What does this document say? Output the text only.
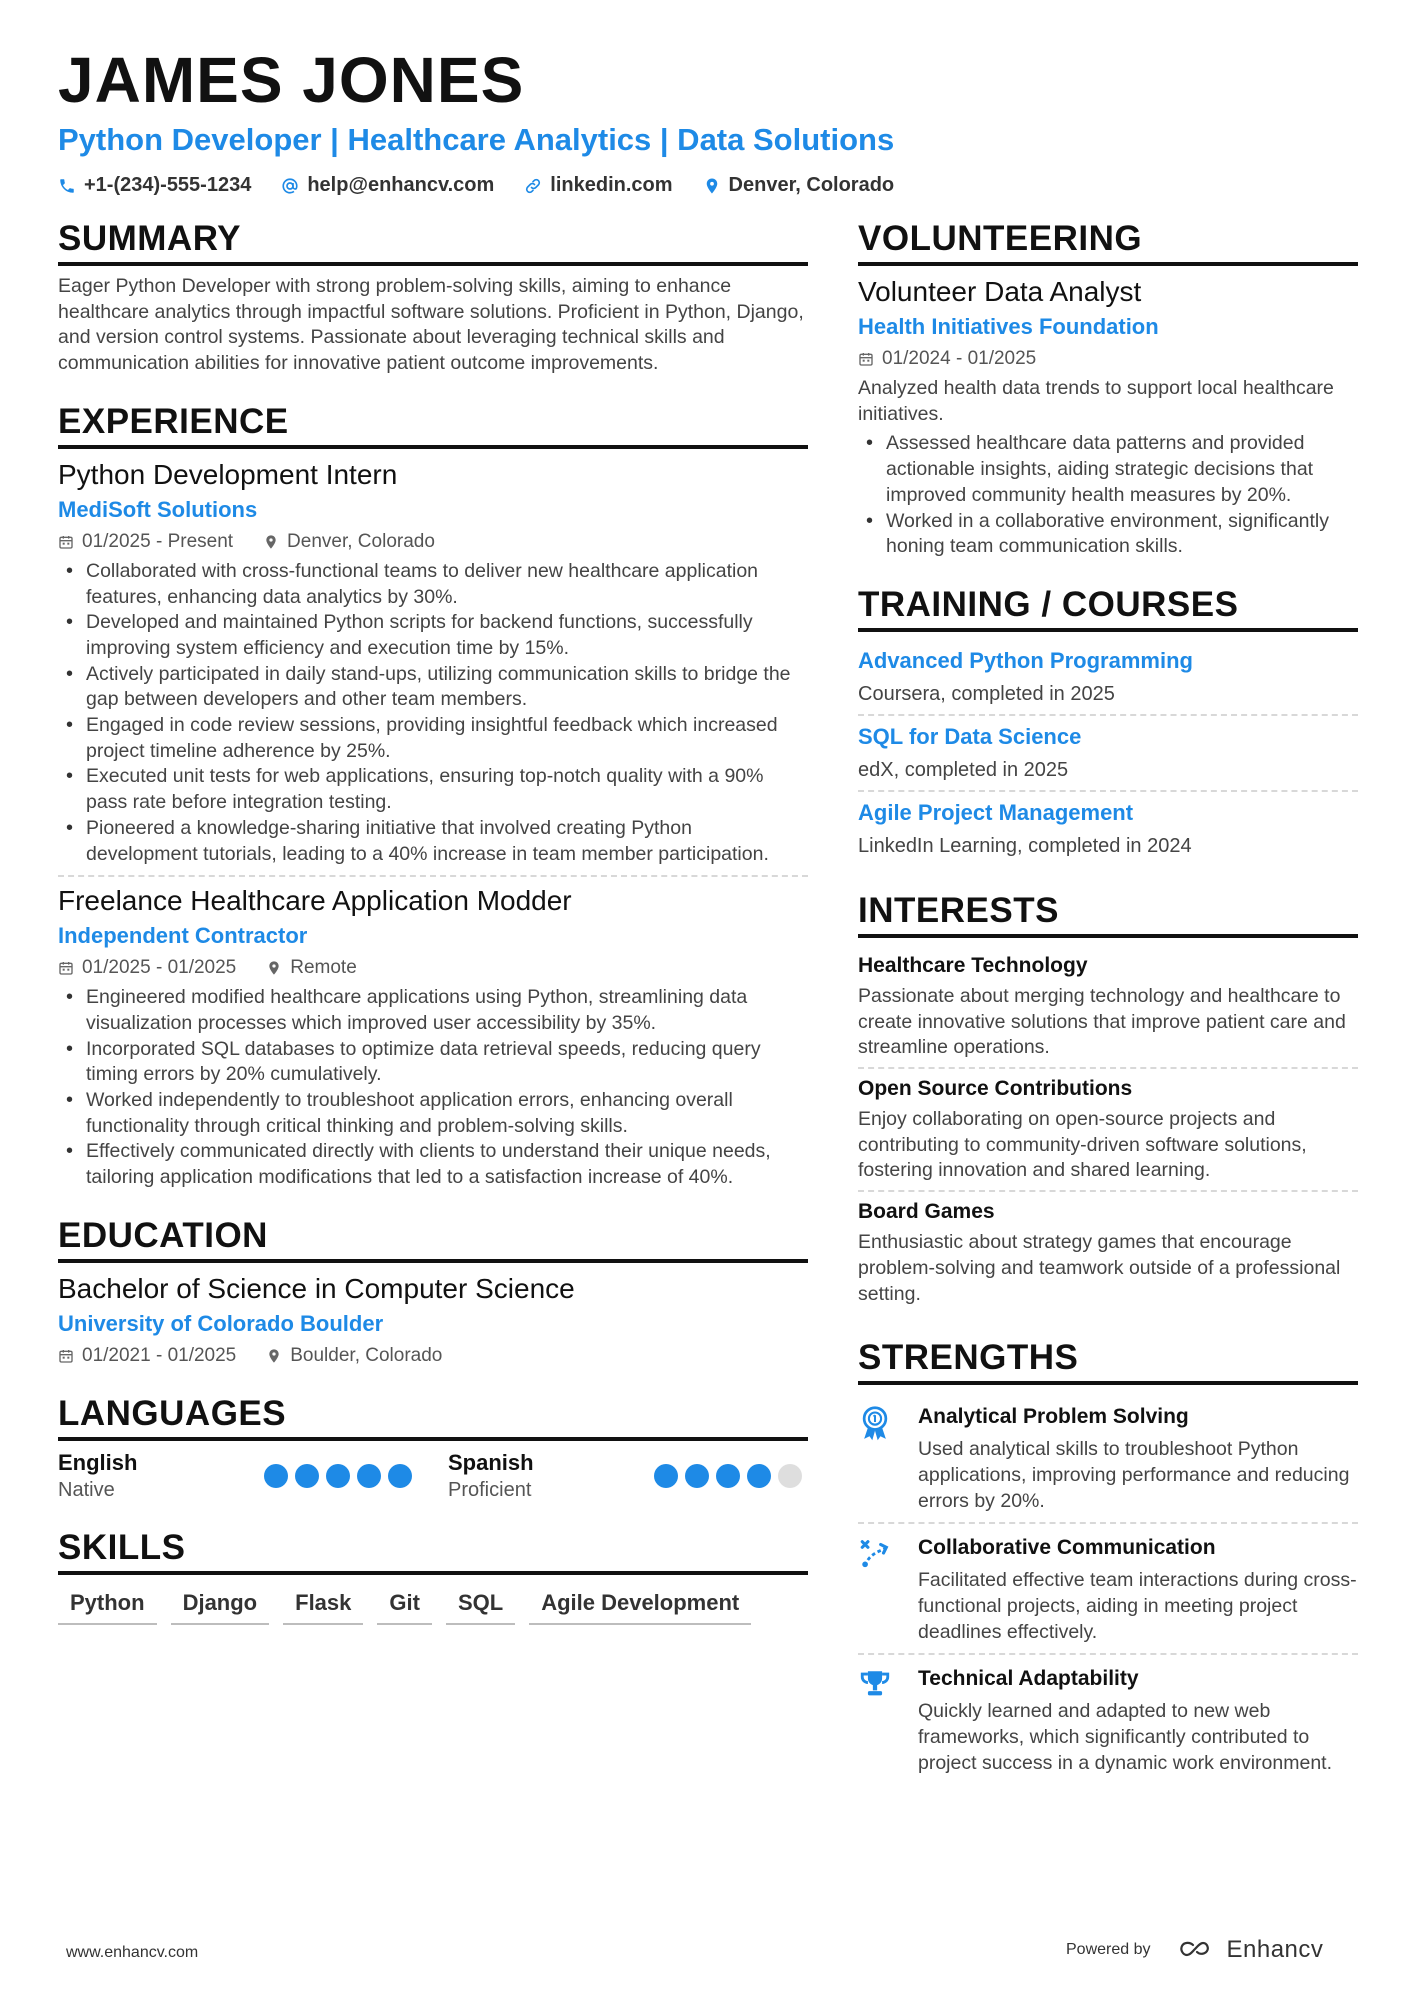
JAMES JONES
Python Developer | Healthcare Analytics | Data Solutions
+1-(234)-555-1234	help@enhancv.com	linkedin.com	Denver, Colorado
SUMMARY
Eager Python Developer with strong problem-solving skills, aiming to enhance healthcare analytics through impactful software solutions. Proficient in Python, Django, and version control systems. Passionate about leveraging technical skills and communication abilities for innovative patient outcome improvements.
EXPERIENCE
Python Development Intern
MediSoft Solutions
01/2025 - Present	Denver, Colorado
• Collaborated with cross-functional teams to deliver new healthcare application features, enhancing data analytics by 30%.
• Developed and maintained Python scripts for backend functions, successfully improving system efficiency and execution time by 15%.
• Actively participated in daily stand-ups, utilizing communication skills to bridge the gap between developers and other team members.
• Engaged in code review sessions, providing insightful feedback which increased project timeline adherence by 25%.
• Executed unit tests for web applications, ensuring top-notch quality with a 90% pass rate before integration testing.
• Pioneered a knowledge-sharing initiative that involved creating Python development tutorials, leading to a 40% increase in team member participation.
Freelance Healthcare Application Modder
Independent Contractor
01/2025 - 01/2025	Remote
• Engineered modified healthcare applications using Python, streamlining data visualization processes which improved user accessibility by 35%.
• Incorporated SQL databases to optimize data retrieval speeds, reducing query timing errors by 20% cumulatively.
• Worked independently to troubleshoot application errors, enhancing overall functionality through critical thinking and problem-solving skills.
• Effectively communicated directly with clients to understand their unique needs, tailoring application modifications that led to a satisfaction increase of 40%.
EDUCATION
Bachelor of Science in Computer Science
University of Colorado Boulder
01/2021 - 01/2025	Boulder, Colorado
LANGUAGES
English
Native
Spanish
Proficient
SKILLS
Python	Django	Flask	Git	SQL	Agile Development
VOLUNTEERING
Volunteer Data Analyst
Health Initiatives Foundation
01/2024 - 01/2025
Analyzed health data trends to support local healthcare initiatives.
• Assessed healthcare data patterns and provided actionable insights, aiding strategic decisions that improved community health measures by 20%.
• Worked in a collaborative environment, significantly honing team communication skills.
TRAINING / COURSES
Advanced Python Programming
Coursera, completed in 2025
SQL for Data Science
edX, completed in 2025
Agile Project Management
LinkedIn Learning, completed in 2024
INTERESTS
Healthcare Technology
Passionate about merging technology and healthcare to create innovative solutions that improve patient care and streamline operations.
Open Source Contributions
Enjoy collaborating on open-source projects and contributing to community-driven software solutions, fostering innovation and shared learning.
Board Games
Enthusiastic about strategy games that encourage problem-solving and teamwork outside of a professional setting.
STRENGTHS
Analytical Problem Solving
Used analytical skills to troubleshoot Python applications, improving performance and reducing errors by 20%.
Collaborative Communication
Facilitated effective team interactions during cross-functional projects, aiding in meeting project deadlines effectively.
Technical Adaptability
Quickly learned and adapted to new web frameworks, which significantly contributed to project success in a dynamic work environment.
www.enhancv.com	Powered by	Enhancv
